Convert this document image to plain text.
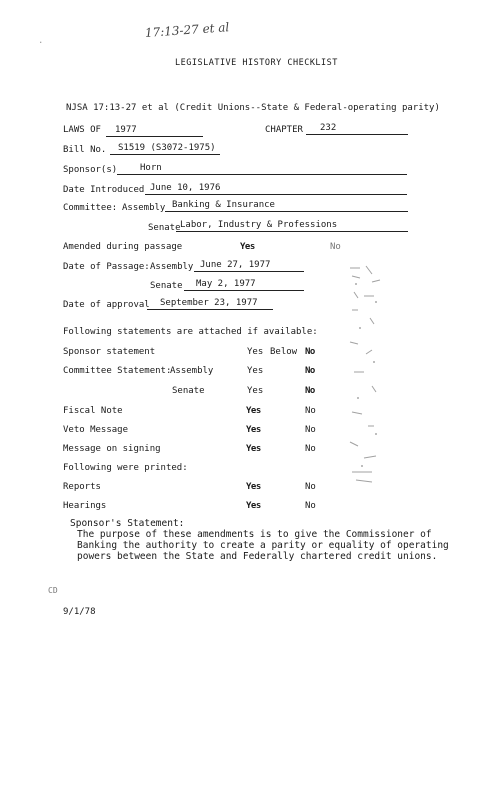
17:13-27 et al
.
LEGISLATIVE HISTORY CHECKLIST
NJSA 17:13-27 et al (Credit Unions--State & Federal-operating parity)
LAWS OF 1977	CHAPTER 232
Bill No. S1519 (S3072-1975)
Sponsor(s)	Horn
Date Introduced June 10, 1976
Committee: Assembly Banking & Insurance
Senate Labor, Industry & Professions
Amended during passage	Yes	No
Date of Passage: Assembly June 27, 1977
Senate May 2, 1977
Date of approval September 23, 1977
Following statements are attached if available:
Sponsor statement	Yes Below No
Committee Statement:
Assembly	Yes	No
Senate	Yes	No
Fiscal Note	Yes	No
Veto Message	Yes	No
Message on signing	Yes	No
Following were printed:
Reports	Yes	No
Hearings	Yes	No
Sponsor's Statement:
The purpose of these amendments is to give the Commissioner of
Banking the authority to create a parity or equality of operating
powers between the State and Federally chartered credit unions.
CD
9/1/78
